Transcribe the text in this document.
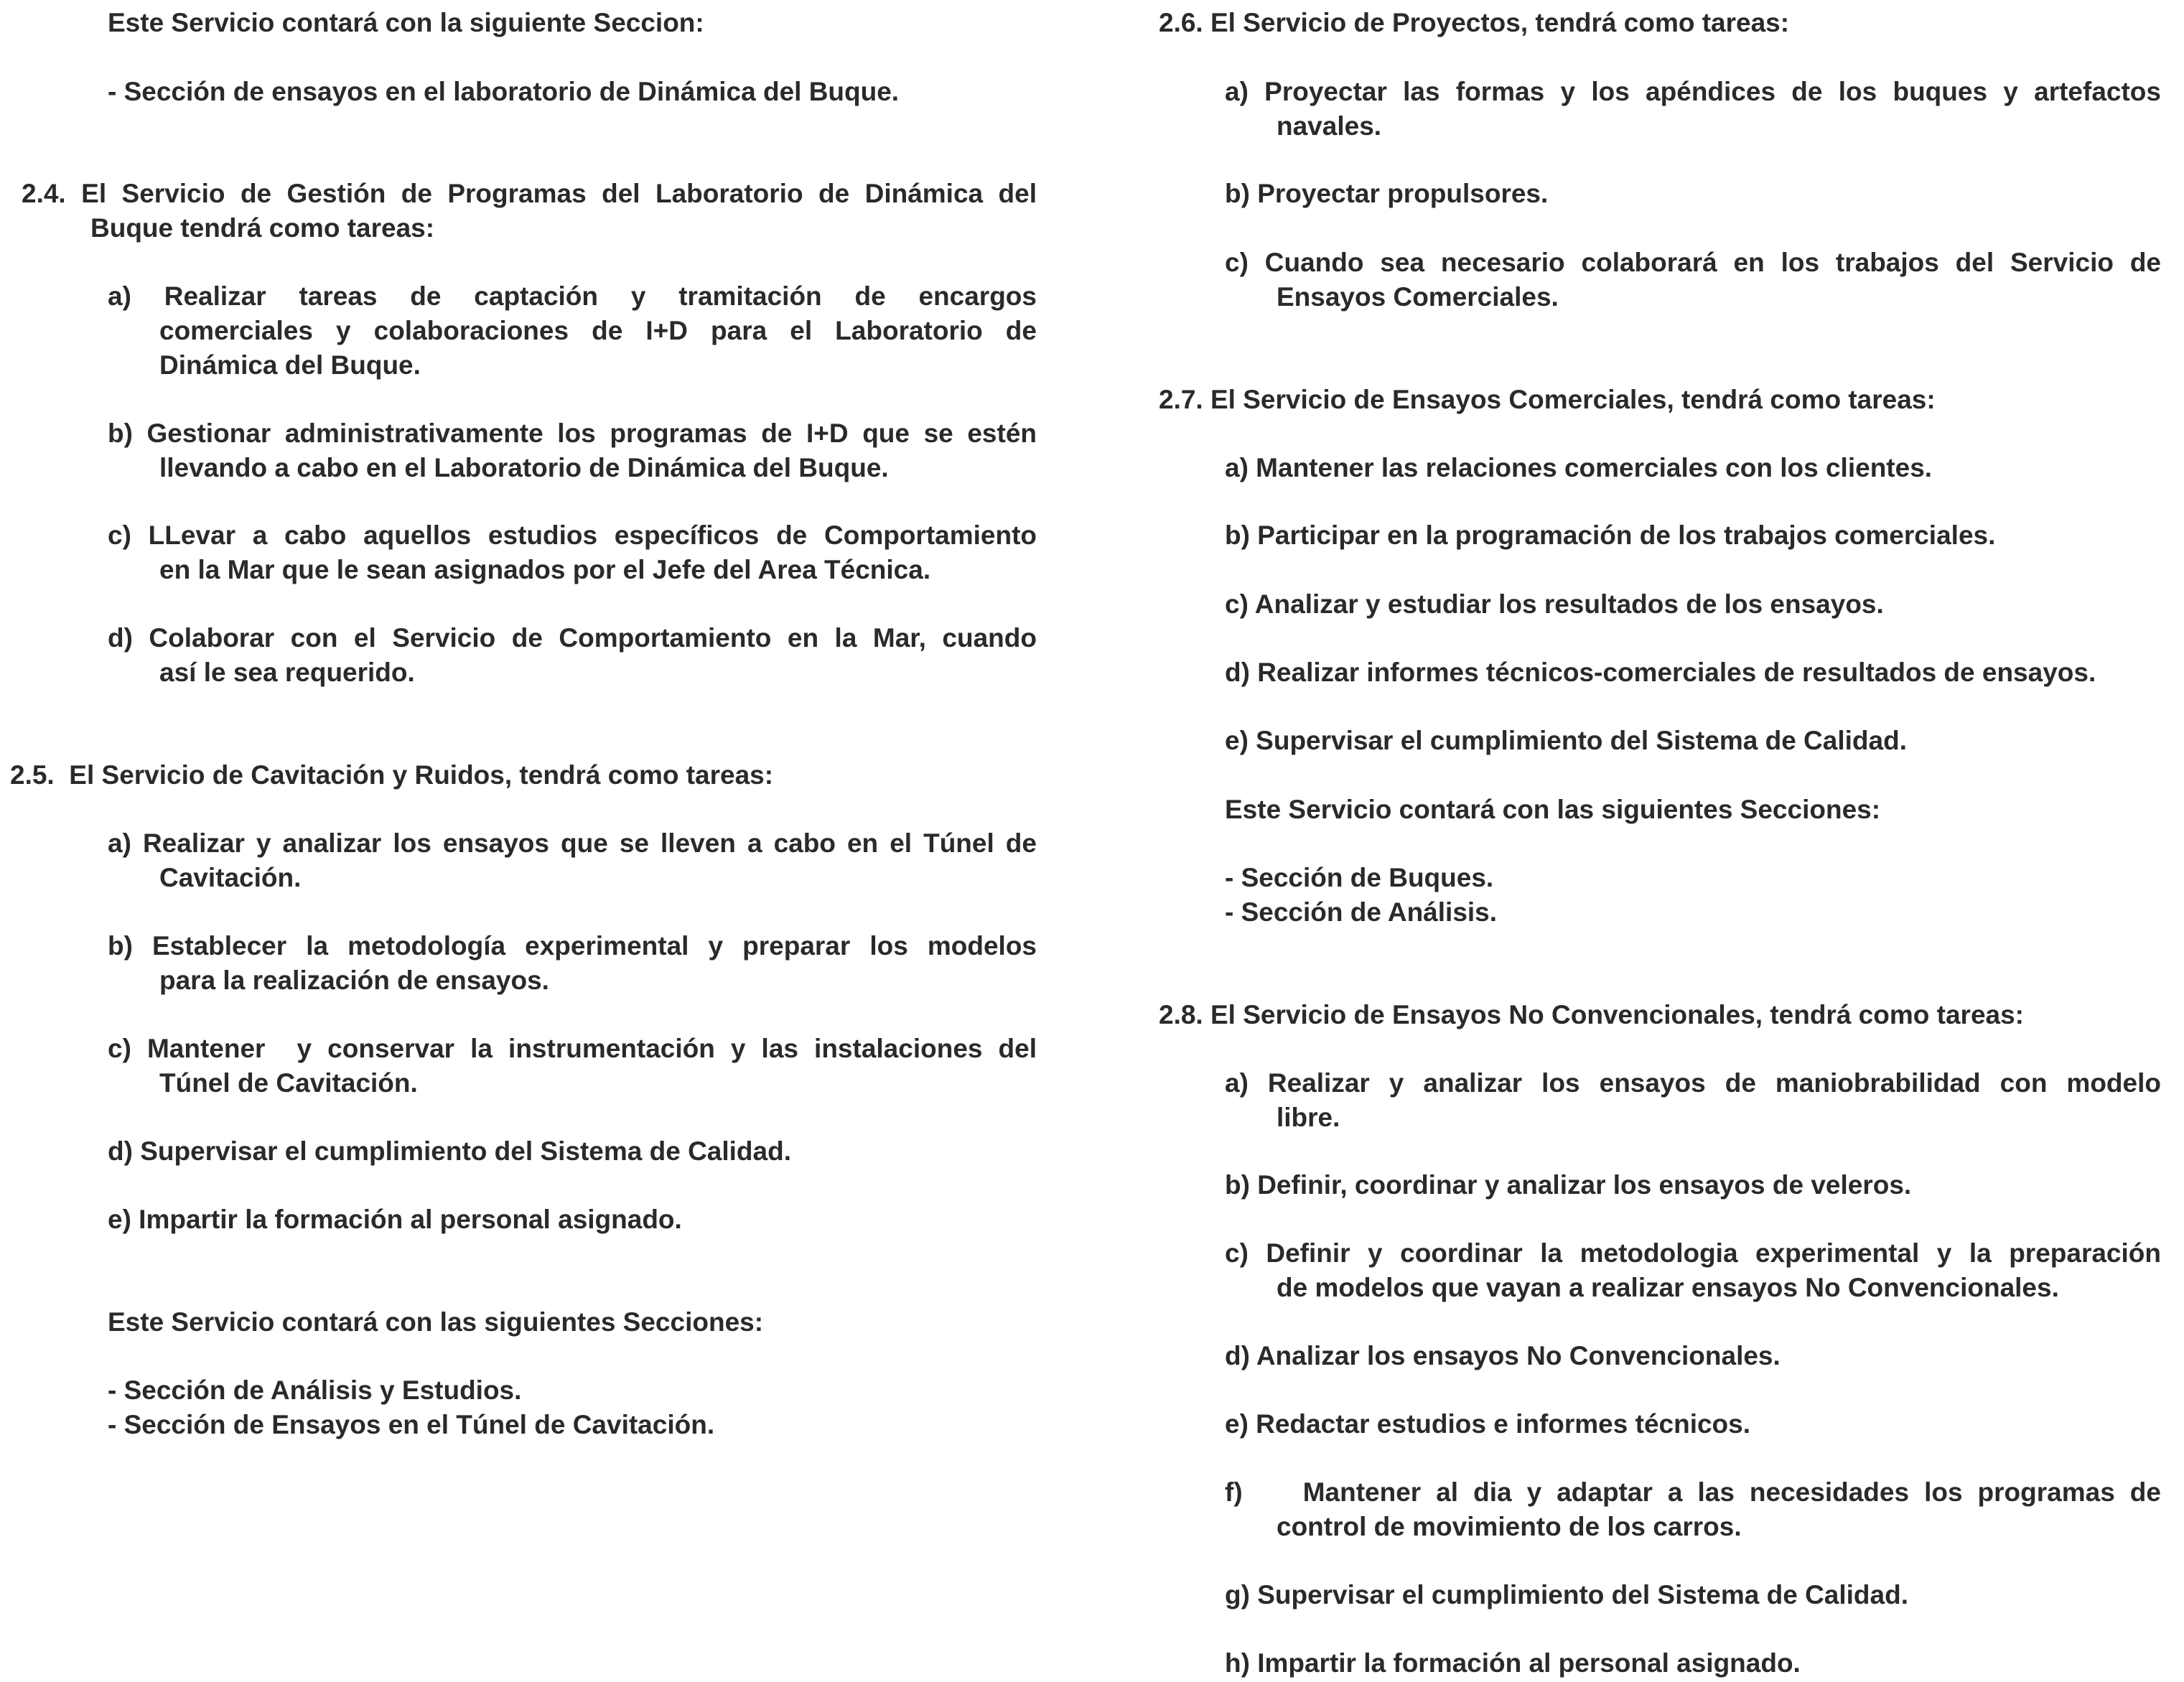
Este Servicio contará con la siguiente Seccion:
- Sección de ensayos en el laboratorio de Dinámica del Buque.
2.4. El Servicio de Gestión de Programas del Laboratorio de Dinámica del
Buque tendrá como tareas:
a) Realizar tareas de captación y tramitación de encargos
comerciales y colaboraciones de I+D para el Laboratorio de
Dinámica del Buque.
b) Gestionar administrativamente los programas de I+D que se estén
llevando a cabo en el Laboratorio de Dinámica del Buque.
c) LLevar a cabo aquellos estudios específicos de Comportamiento
en la Mar que le sean asignados por el Jefe del Area Técnica.
d) Colaborar con el Servicio de Comportamiento en la Mar, cuando
así le sea requerido.
2.5.  El Servicio de Cavitación y Ruidos, tendrá como tareas:
a) Realizar y analizar los ensayos que se lleven a cabo en el Túnel de
Cavitación.
b) Establecer la metodología experimental y preparar los modelos
para la realización de ensayos.
c) Mantener  y conservar la instrumentación y las instalaciones del
Túnel de Cavitación.
d) Supervisar el cumplimiento del Sistema de Calidad.
e) Impartir la formación al personal asignado.
Este Servicio contará con las siguientes Secciones:
- Sección de Análisis y Estudios.
- Sección de Ensayos en el Túnel de Cavitación.
2.6. El Servicio de Proyectos, tendrá como tareas:
a) Proyectar las formas y los apéndices de los buques y artefactos
navales.
b) Proyectar propulsores.
c) Cuando sea necesario colaborará en los trabajos del Servicio de
Ensayos Comerciales.
2.7. El Servicio de Ensayos Comerciales, tendrá como tareas:
a) Mantener las relaciones comerciales con los clientes.
b) Participar en la programación de los trabajos comerciales.
c) Analizar y estudiar los resultados de los ensayos.
d) Realizar informes técnicos-comerciales de resultados de ensayos.
e) Supervisar el cumplimiento del Sistema de Calidad.
Este Servicio contará con las siguientes Secciones:
- Sección de Buques.
- Sección de Análisis.
2.8. El Servicio de Ensayos No Convencionales, tendrá como tareas:
a) Realizar y analizar los ensayos de maniobrabilidad con modelo
libre.
b) Definir, coordinar y analizar los ensayos de veleros.
c) Definir y coordinar la metodologia experimental y la preparación
de modelos que vayan a realizar ensayos No Convencionales.
d) Analizar los ensayos No Convencionales.
e) Redactar estudios e informes técnicos.
f)    Mantener al dia y adaptar a las necesidades los programas de
control de movimiento de los carros.
g) Supervisar el cumplimiento del Sistema de Calidad.
h) Impartir la formación al personal asignado.
